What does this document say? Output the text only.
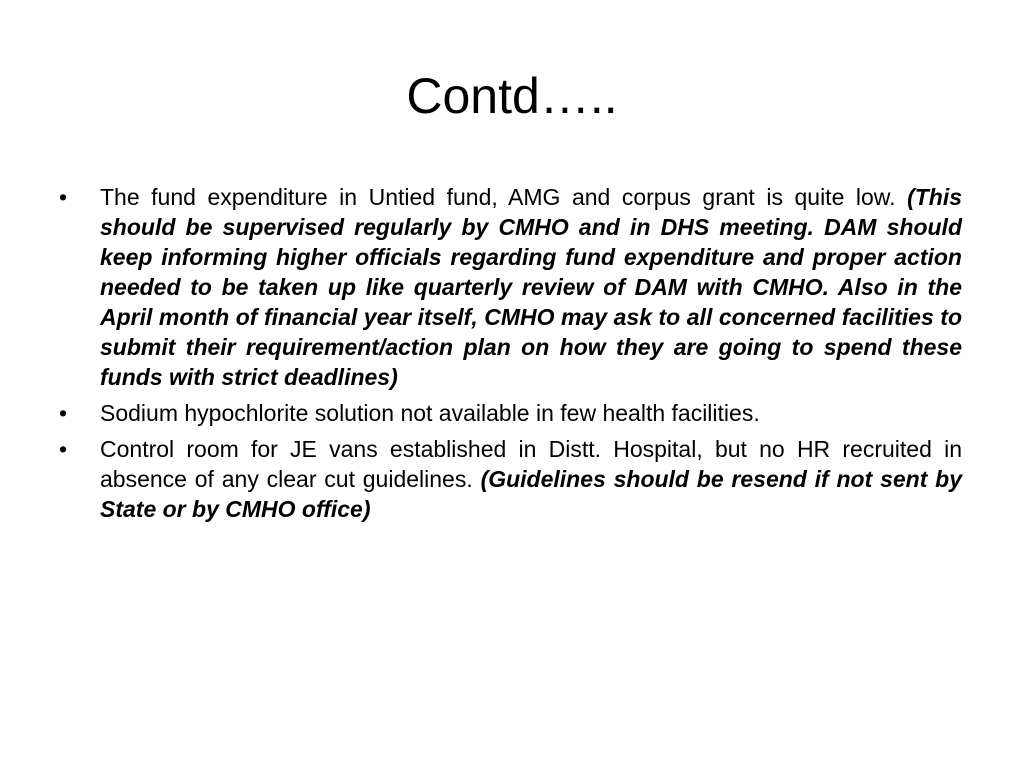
Contd…..
•	The fund expenditure in Untied fund, AMG and corpus grant is quite low. (This should be supervised regularly by CMHO and in DHS meeting. DAM should keep informing higher officials regarding fund expenditure and proper action needed to be taken up like quarterly review of DAM with CMHO. Also in the April month of financial year itself, CMHO may ask to all concerned facilities to submit their requirement/action plan on how they are going to spend these funds with strict deadlines)
•	Sodium hypochlorite solution not available in few health facilities.
•	Control room for JE vans established in Distt. Hospital, but no HR recruited in absence of any clear cut guidelines. (Guidelines should be resend if not sent by State or by CMHO office)
